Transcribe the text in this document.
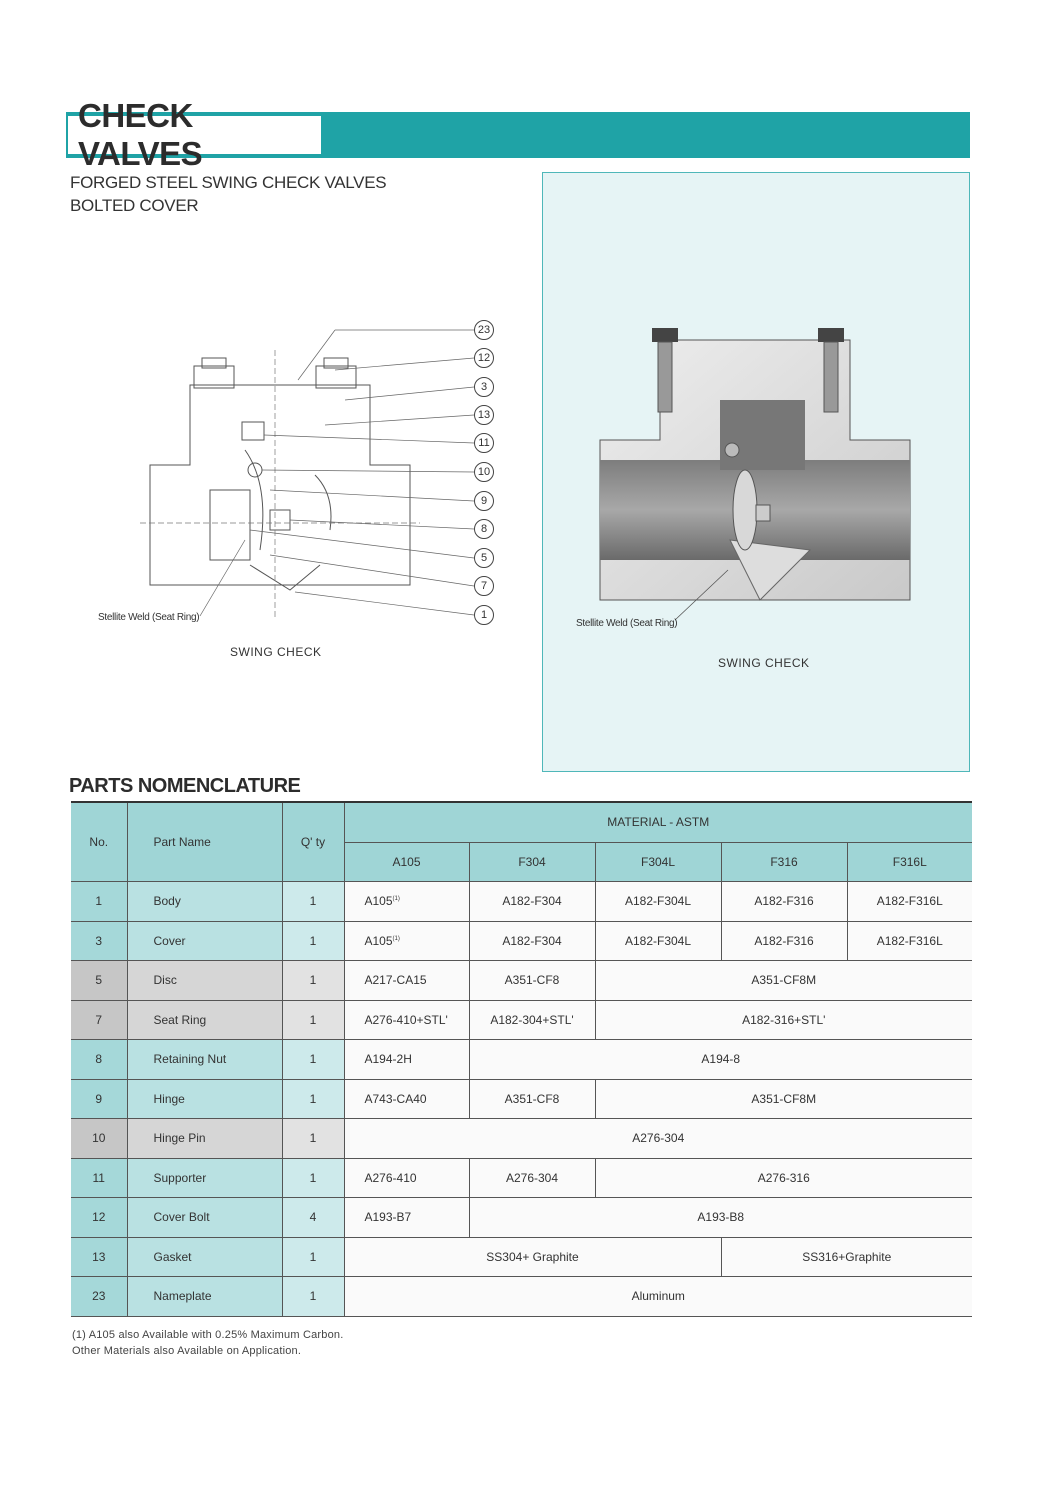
CHECK VALVES
FORGED STEEL SWING CHECK VALVES
BOLTED COVER
23
12
3
13
11
10
9
8
5
7
1
Stellite Weld (Seat Ring)
SWING CHECK
Stellite Weld (Seat Ring)
SWING CHECK
PARTS NOMENCLATURE
No.	Part Name	Q' ty	MATERIAL - ASTM				
			A105	F304	F304L	F316	F316L
1	Body	1	A105$^{(1)}$	A182-F304	A182-F304L	A182-F316	A182-F316L
3	Cover	1	A105$^{(1)}$	A182-F304	A182-F304L	A182-F316	A182-F316L
5	Disc	1	A217-CA15	A351-CF8	A351-CF8M		
7	Seat Ring	1	A276-410+STL'	A182-304+STL'	A182-316+STL'		
8	Retaining Nut	1	A194-2H	A194-8			
9	Hinge	1	A743-CA40	A351-CF8	A351-CF8M		
10	Hinge Pin	1	A276-304				
11	Supporter	1	A276-410	A276-304	A276-316		
12	Cover Bolt	4	A193-B7	A193-B8			
13	Gasket	1	SS304+ Graphite			SS316+Graphite	
23	Nameplate	1	Aluminum				
(1) A105 also Available with 0.25% Maximum Carbon.
Other Materials also Available on Application.
